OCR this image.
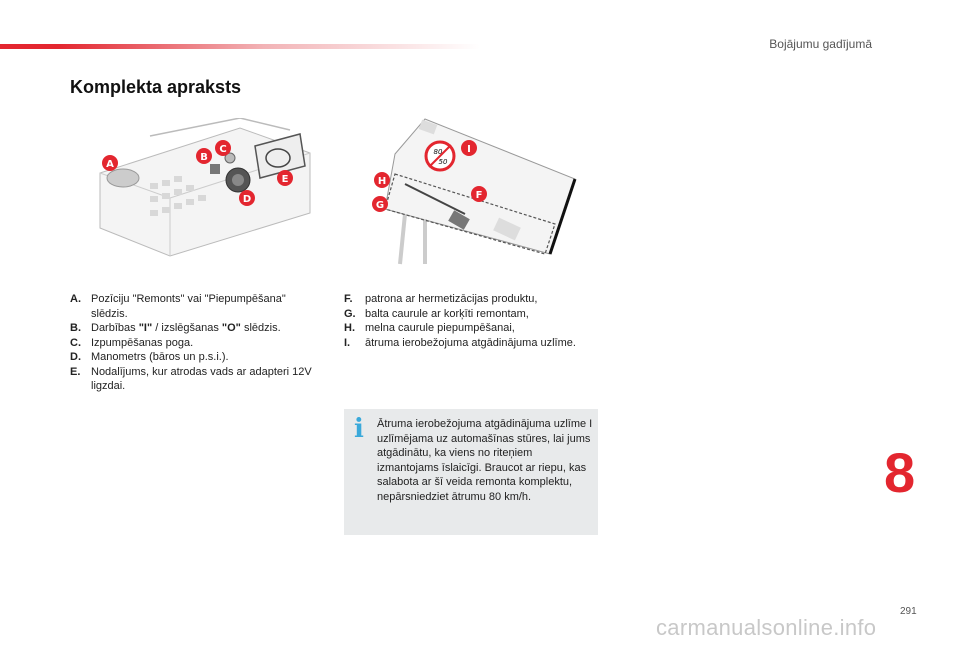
Bojājumu gadījumā
Komplekta apraksts
A
B
C
D
E
80
50
I
H
F
G
A. Pozīciju "Remonts" vai "Piepumpēšana" slēdzis.
B. Darbības "I" / izslēgšanas "O" slēdzis.
C. Izpumpēšanas poga.
D. Manometrs (bāros un p.s.i.).
E. Nodalījums, kur atrodas vads ar adapteri 12V ligzdai.
F.	patrona ar hermetizācijas produktu,
G. balta caurule ar korķīti remontam,
H. melna caurule piepumpēšanai,
I.	ātruma ierobežojuma atgādinājuma uzlīme.
i Ātruma ierobežojuma atgādinājuma uzlīme I uzlīmējama uz automašīnas stūres, lai jums atgādinātu, ka viens no riteņiem izmantojams īslaicīgi. Braucot ar riepu, kas salabota ar šī veida remonta komplektu, nepārsniedziet ātrumu 80 km/h.	8
291
carmanualsonline.info
